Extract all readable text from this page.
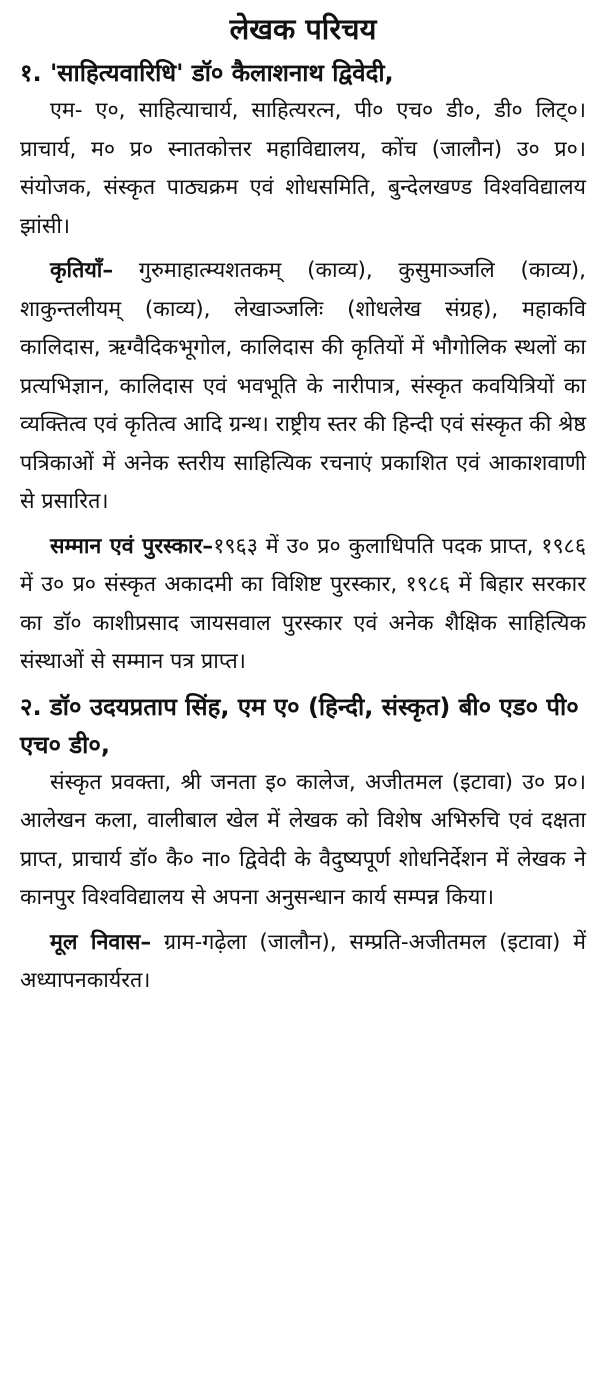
लेखक परिचय
१. 'साहित्यवारिधि' डॉ० कैलाशनाथ द्विवेदी,

एम- ए०, साहित्याचार्य, साहित्यरत्न, पी० एच० डी०, डी० लिट्०। प्राचार्य, म० प्र० स्नातकोत्तर महाविद्यालय, कोंच (जालौन) उ० प्र०। संयोजक, संस्कृत पाठ्यक्रम एवं शोधसमिति, बुन्देलखण्ड विश्वविद्यालय झांसी।

कृतियाँ– गुरुमाहात्म्यशतकम् (काव्य), कुसुमाञ्जलि (काव्य), शाकुन्तलीयम् (काव्य), लेखाञ्जलिः (शोधलेख संग्रह), महाकवि कालिदास, ऋग्वैदिकभूगोल, कालिदास की कृतियों में भौगोलिक स्थलों का प्रत्यभिज्ञान, कालिदास एवं भवभूति के नारीपात्र, संस्कृत कवयित्रियों का व्यक्तित्व एवं कृतित्व आदि ग्रन्थ। राष्ट्रीय स्तर की हिन्दी एवं संस्कृत की श्रेष्ठ पत्रिकाओं में अनेक स्तरीय साहित्यिक रचनाएं प्रकाशित एवं आकाशवाणी से प्रसारित।

सम्मान एवं पुरस्कार–१९६३ में उ० प्र० कुलाधिपति पदक प्राप्त, १९८६ में उ० प्र० संस्कृत अकादमी का विशिष्ट पुरस्कार, १९८६ में बिहार सरकार का डॉ० काशीप्रसाद जायसवाल पुरस्कार एवं अनेक शैक्षिक साहित्यिक संस्थाओं से सम्मान पत्र प्राप्त।

२. डॉ० उदयप्रताप सिंह, एम ए० (हिन्दी, संस्कृत) बी० एड० पी० एच० डी०,

संस्कृत प्रवक्ता, श्री जनता इ० कालेज, अजीतमल (इटावा) उ० प्र०। आलेखन कला, वालीबाल खेल में लेखक को विशेष अभिरुचि एवं दक्षता प्राप्त, प्राचार्य डॉ० कै० ना० द्विवेदी के वैदुष्यपूर्ण शोधनिर्देशन में लेखक ने कानपुर विश्वविद्यालय से अपना अनुसन्धान कार्य सम्पन्न किया।

मूल निवास– ग्राम-गढ़ेला (जालौन), सम्प्रति-अजीतमल (इटावा) में अध्यापनकार्यरत।
